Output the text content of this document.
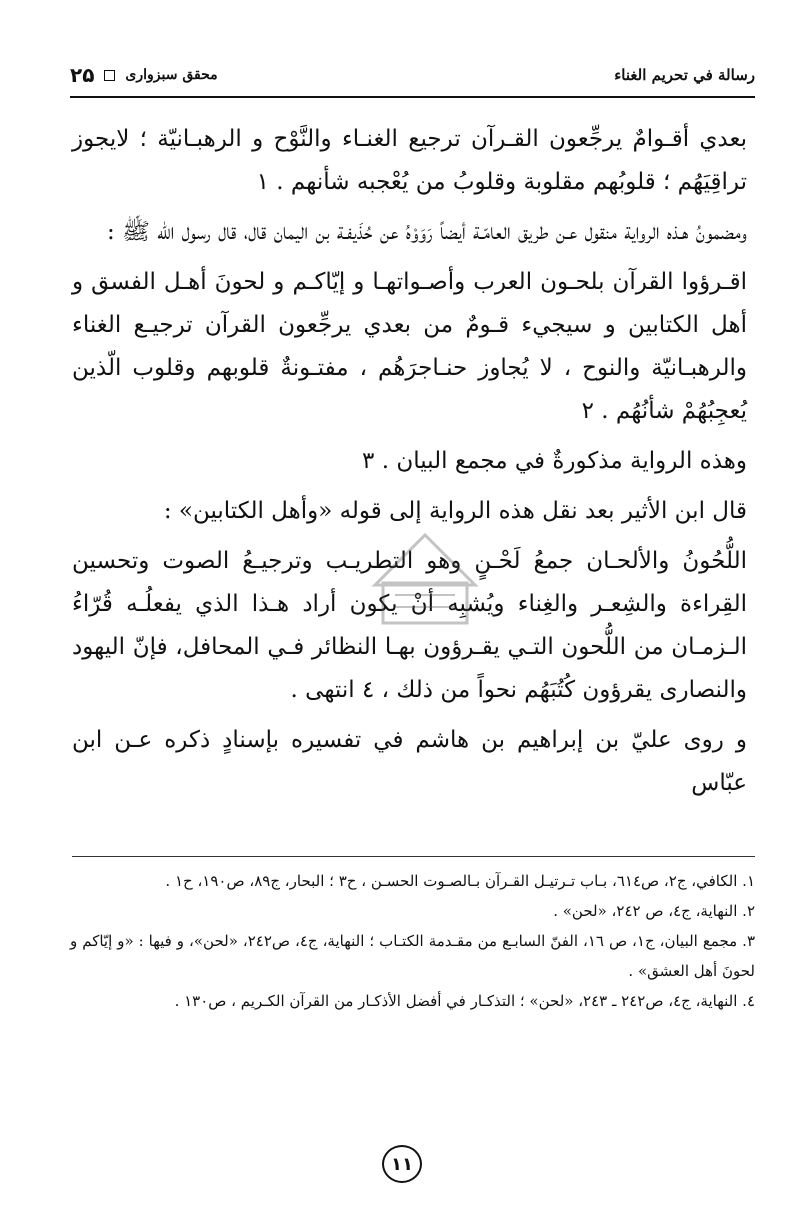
رسالة في تحريم الغناء
محقق سبزوارى
۲۵

بعدي أقـوامٌ يرجِّعون القـرآن ترجيع الغنـاء والنَّوْح و الرهبـانيّة ؛ لايجوز تراقِيَهُم ؛ قلوبُهم مقلوبة وقلوبُ من يُعْجبه شأنهم . ١

ومضمونُ هـذه الرواية منقول عـن طريق العامّـة أيضاً رَوَوْهُ عن حُذَيفـة بن اليمان قال، قال رسول الله ﷺ :

اقـرؤوا القرآن بلحـون العرب وأصـواتهـا و إيّاكـم و لحونَ أهـل الفسق و أهل الكتابين و سيجيء قـومٌ من بعدي يرجِّعون القرآن ترجيـع الغناء والرهبـانيّة والنوح ، لا يُجاوز حنـاجرَهُم ، مفتـونةٌ قلوبهم وقلوب الّذين يُعجِبُهُمْ شأنُهُم . ٢

وهذه الرواية مذكورةٌ في مجمع البيان . ٣

قال ابن الأثير بعد نقل هذه الرواية إلى قوله «وأهل الكتابين» :

اللُّحُونُ والألحـان جمعُ لَحْـنٍ وهو التطريـب وترجيـعُ الصوت وتحسين القِراءة والشِعـر والغِناء ويُشبِه أنْ يكون أراد هـذا الذي يفعلُـه قُرّاءُ الـزمـان من اللُّحون التـي يقـرؤون بهـا النظائر فـي المحافل، فإنّ اليهود والنصارى يقرؤون كُتُبَهُم نحواً من ذلك ، ٤ انتهى .

و روى عليّ بن إبراهيم بن هاشم في تفسيره بإسنادٍ ذكره عـن ابن عبّاس

١. الكافي، ج٢، ص٦١٤، بـاب تـرتيـل القـرآن بـالصـوت الحسـن ، ح٣ ؛ البحار، ج٨٩، ص١٩٠، ح١ .

٢. النهاية، ج٤، ص ٢٤٢، «لحن» .

٣. مجمع البيان، ج١، ص ١٦، الفنّ السابـع من مقـدمة الكتـاب ؛ النهاية، ج٤، ص٢٤٢، «لحن»، و فيها : «و إيّاكم و لحونَ أهل العشق» .

٤. النهاية، ج٤، ص٢٤٢ ـ ٢٤٣، «لحن» ؛ التذكـار في أفضل الأذكـار من القرآن الكـريم ، ص١٣٠ .

١١
